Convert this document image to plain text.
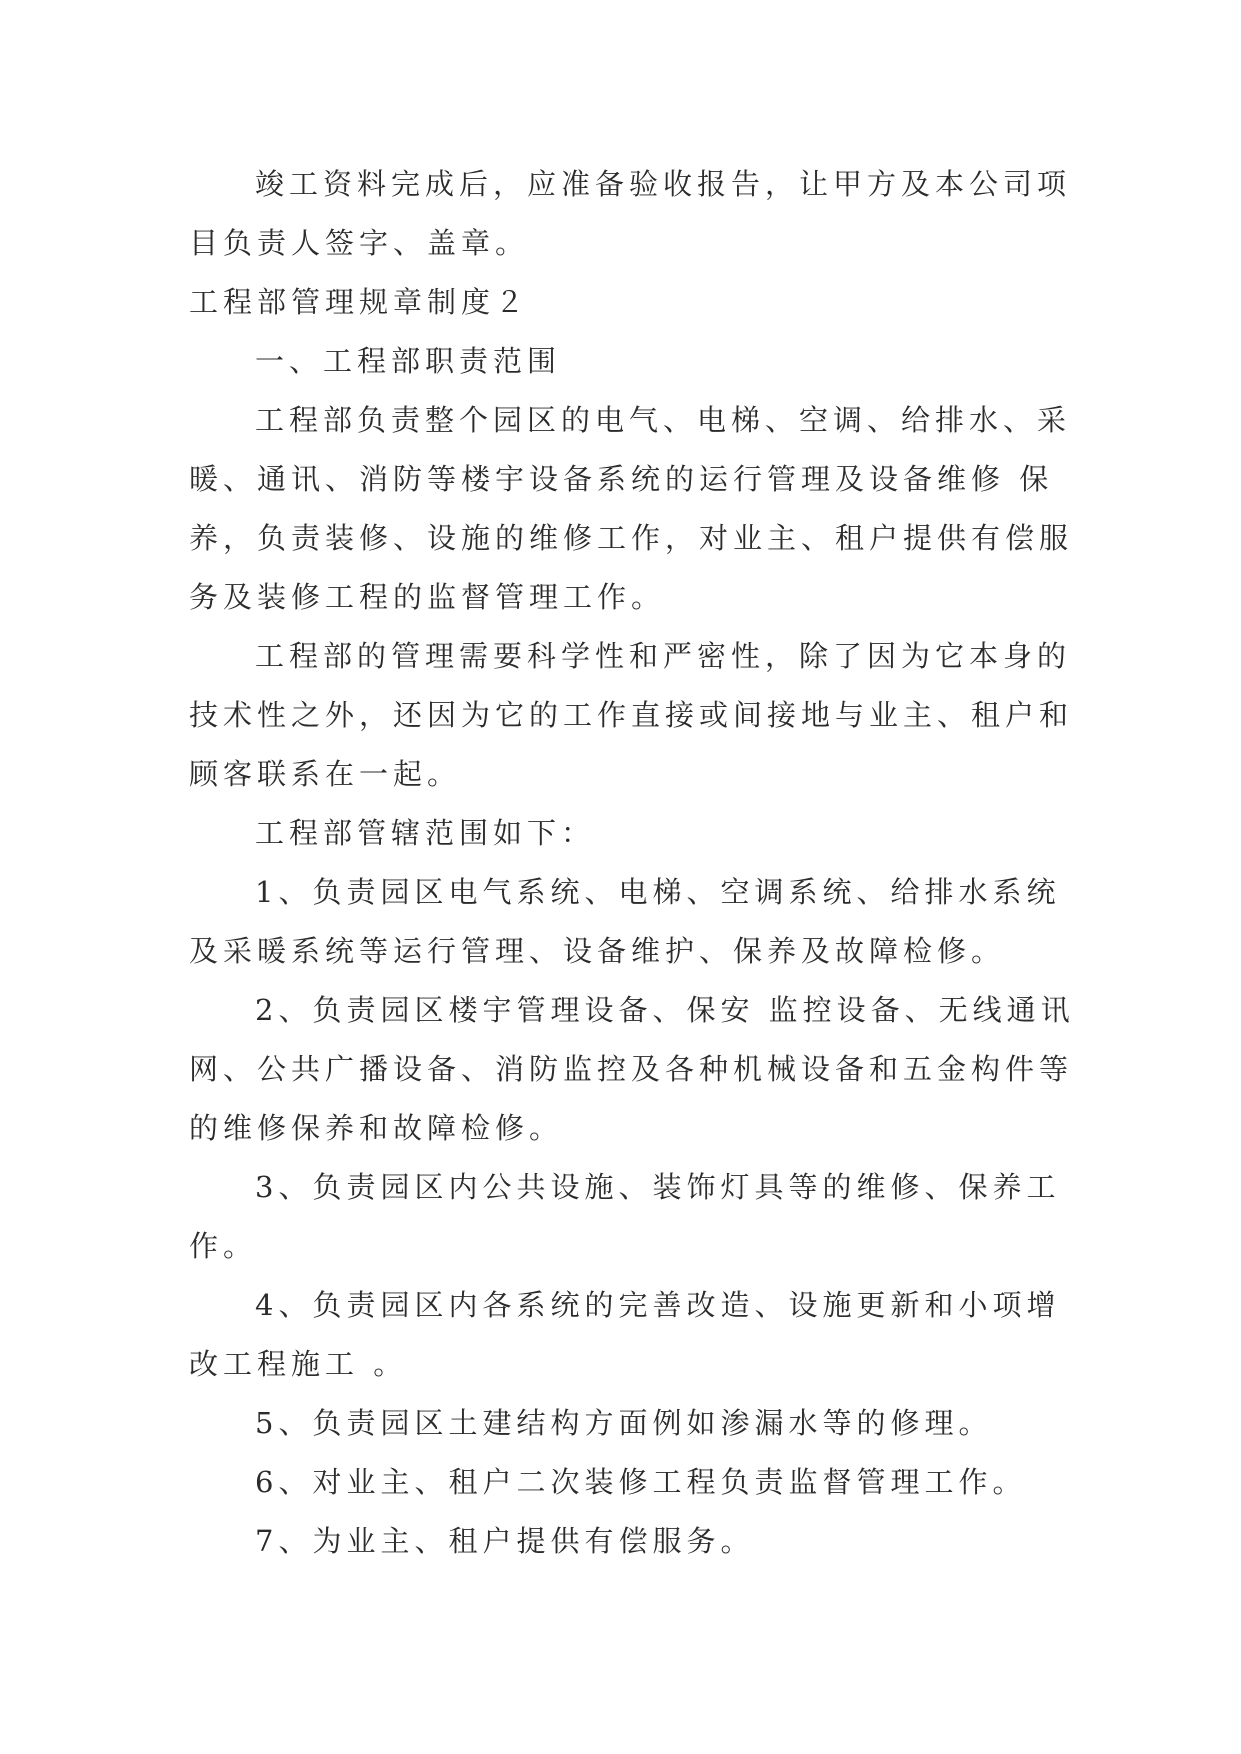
竣工资料完成后，应准备验收报告，让甲方及本公司项
目负责人签字、盖章。
工程部管理规章制度２
一、工程部职责范围
工程部负责整个园区的电气、电梯、空调、给排水、采
暖、通讯、消防等楼宇设备系统的运行管理及设备维修 保
养，负责装修、设施的维修工作，对业主、租户提供有偿服
务及装修工程的监督管理工作。
工程部的管理需要科学性和严密性，除了因为它本身的
技术性之外，还因为它的工作直接或间接地与业主、租户和
顾客联系在一起。
工程部管辖范围如下：
1、负责园区电气系统、电梯、空调系统、给排水系统
及采暖系统等运行管理、设备维护、保养及故障检修。
2、负责园区楼宇管理设备、保安 监控设备、无线通讯
网、公共广播设备、消防监控及各种机械设备和五金构件等
的维修保养和故障检修。
3、负责园区内公共设施、装饰灯具等的维修、保养工
作。
4、负责园区内各系统的完善改造、设施更新和小项增
改工程施工 。
5、负责园区土建结构方面例如渗漏水等的修理。
6、对业主、租户二次装修工程负责监督管理工作。
7、为业主、租户提供有偿服务。
